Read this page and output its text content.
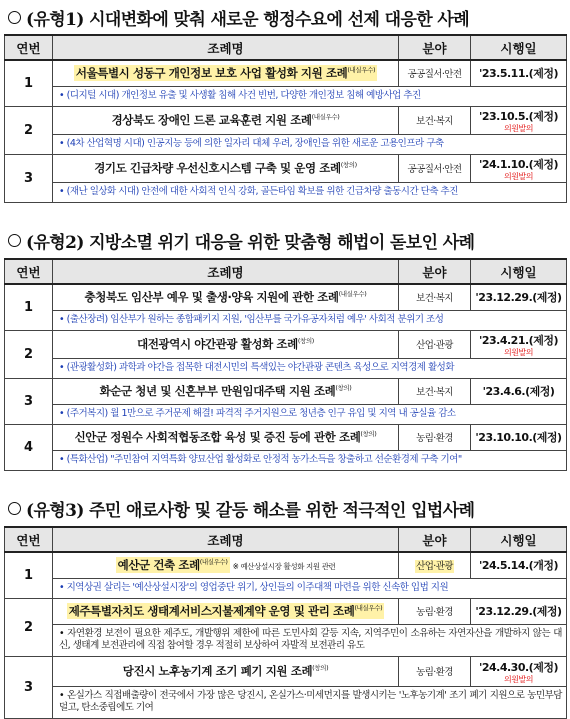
(유형1) 시대변화에 맞춰 새로운 행정수요에 선제 대응한 사례
연번	조례명	분야	시행일
1	서울특별시 성동구 개인정보 보호 사업 활성화 지원 조례$^{(내실우수)}$	공공질서·안전	'23.5.11.(제정)
	• (디지털 시대) 개인정보 유출 및 사생활 침해 사건 빈번, 다양한 개인정보 침해 예방사업 추진		
2	경상북도 장애인 드론 교육훈련 지원 조례$^{(내실우수)}$	보건·복지	'23.10.5.(제정)
의원발의

	• (4차 산업혁명 시대) 인공지능 등에 의한 일자리 대체 우려, 장애인을 위한 새로운 고용인프라 구축		
3	경기도 긴급차량 우선신호시스템 구축 및 운영 조례$^{(창의)}$	공공질서·안전	'24.1.10.(제정)
의원발의

	• (재난 일상화 시대) 안전에 대한 사회적 인식 강화, 골든타임 확보를 위한 긴급차량 출동시간 단축 추진		
(유형2) 지방소멸 위기 대응을 위한 맞춤형 해법이 돋보인 사례
연번	조례명	분야	시행일
1	충청북도 임산부 예우 및 출생·양육 지원에 관한 조례$^{(내실우수)}$	보건·복지	'23.12.29.(제정)
	• (출산장려) 임산부가 원하는 종합패키지 지원, '임산부를 국가유공자처럼 예우' 사회적 분위기 조성		
2	대전광역시 야간관광 활성화 조례$^{(창의)}$	산업·관광	'23.4.21.(제정)
의원발의

	• (관광활성화) 과학과 야간을 접목한 대전시민의 특색있는 야간관광 콘텐츠 육성으로 지역경제 활성화		
3	화순군 청년 및 신혼부부 만원임대주택 지원 조례$^{(창의)}$	보건·복지	'23.4.6.(제정)
	• (주거복지) 월 1만으로 주거문제 해결! 파격적 주거지원으로 청년층 인구 유입 및 지역 내 공실율 감소		
4	신안군 정원수 사회적협동조합 육성 및 증진 등에 관한 조례$^{(창의)}$	농림·환경	'23.10.10.(제정)
	• (특화산업) "주민참여 지역특화 양묘산업 활성화로 안정적 농가소득을 창출하고 선순환경제 구축 기여"		
(유형3) 주민 애로사항 및 갈등 해소를 위한 적극적인 입법사례
연번	조례명	분야	시행일
1	예산군 건축 조례$^{(내실우수)}$ ※ 예산상설시장 활성화 지원 관련	산업·관광	'24.5.14.(개정)
	• 지역상권 살리는 '예산상설시장'의 영업중단 위기, 상인들의 이주대책 마련을 위한 신속한 입법 지원		
2	제주특별자치도 생태계서비스지불제계약 운영 및 관리 조례$^{(내실우수)}$	농림·환경	'23.12.29.(제정)
	• 자연환경 보전이 필요한 제주도, 개발행위 제한에 따른 도민사회 갈등 지속, 지역주민이 소유하는 자연자산을 개발하지 않는 대신, 생태계 보전관리에 직접 참여할 경우 적절히 보상하여 자발적 보전관리 유도		
3	당진시 노후농기계 조기 폐기 지원 조례$^{(창의)}$	농림·환경	'24.4.30.(제정)
의원발의

	• 온실가스 직접배출량이 전국에서 가장 많은 당진시, 온실가스·미세먼지를 발생시키는 '노후농기계' 조기 폐기 지원으로 농민부담 덜고, 탄소중립에도 기여		
